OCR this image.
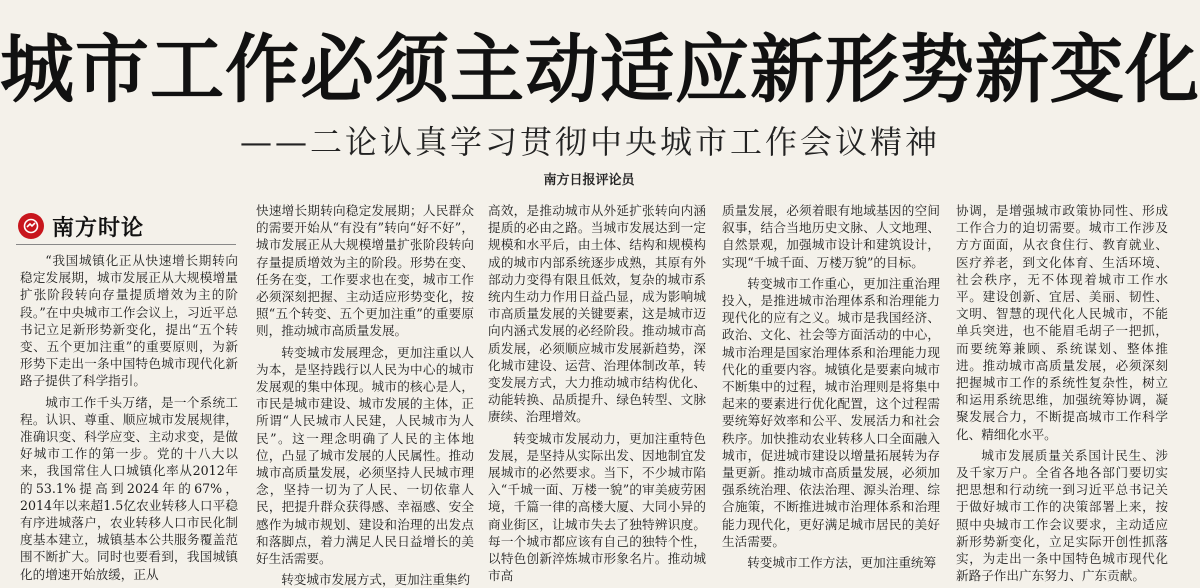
城市工作必须主动适应新形势新变化
——二论认真学习贯彻中央城市工作会议精神
南方日报评论员
南方时论

“我国城镇化正从快速增长期转向稳定发展期，城市发展正从大规模增量扩张阶段转向存量提质增效为主的阶段。”在中央城市工作会议上，习近平总书记立足新形势新变化，提出“五个转变、五个更加注重”的重要原则，为新形势下走出一条中国特色城市现代化新路子提供了科学指引。

城市工作千头万绪，是一个系统工程。认识、尊重、顺应城市发展规律，准确识变、科学应变、主动求变，是做好城市工作的第一步。党的十八大以来，我国常住人口城镇化率从2012年的53.1%提高到2024年的67%，2014年以来超1.5亿农业转移人口平稳有序进城落户，农业转移人口市民化制度基本建立，城镇基本公共服务覆盖范围不断扩大。同时也要看到，我国城镇化的增速开始放缓，正从

快速增长期转向稳定发展期；人民群众的需要开始从“有没有”转向“好不好”，城市发展正从大规模增量扩张阶段转向存量提质增效为主的阶段。形势在变、任务在变，工作要求也在变，城市工作必须深刻把握、主动适应形势变化，按照“五个转变、五个更加注重”的重要原则，推动城市高质量发展。

转变城市发展理念，更加注重以人为本，是坚持践行以人民为中心的城市发展观的集中体现。城市的核心是人，市民是城市建设、城市发展的主体，正所谓“人民城市人民建，人民城市为人民”。这一理念明确了人民的主体地位，凸显了城市发展的人民属性。推动城市高质量发展，必须坚持人民城市理念，坚持一切为了人民、一切依靠人民，把提升群众获得感、幸福感、安全感作为城市规划、建设和治理的出发点和落脚点，着力满足人民日益增长的美好生活需要。

转变城市发展方式，更加注重集约

高效，是推动城市从外延扩张转向内涵提质的必由之路。当城市发展达到一定规模和水平后，由土体、结构和规模构成的城市内部系统逐步成熟，其原有外部动力变得有限且低效，复杂的城市系统内生动力作用日益凸显，成为影响城市高质量发展的关键要素，这是城市迈向内涵式发展的必经阶段。推动城市高质发展，必须顺应城市发展新趋势，深化城市建设、运营、治理体制改革，转变发展方式，大力推动城市结构优化、动能转换、品质提升、绿色转型、文脉赓续、治理增效。

转变城市发展动力，更加注重特色发展，是坚持从实际出发、因地制宜发展城市的必然要求。当下，不少城市陷入“千城一面、万楼一貌”的审美疲劳困境，千篇一律的高楼大厦、大同小异的商业街区，让城市失去了独特辨识度。每一个城市都应该有自己的独特个性，以特色创新淬炼城市形象名片。推动城市高

质量发展，必须着眼有地域基因的空间叙事，结合当地历史文脉、人文地理、自然景观，加强城市设计和建筑设计，实现“千城千面、万楼万貌”的目标。

转变城市工作重心，更加注重治理投入，是推进城市治理体系和治理能力现代化的应有之义。城市是我国经济、政治、文化、社会等方面活动的中心，城市治理是国家治理体系和治理能力现代化的重要内容。城镇化是要素向城市不断集中的过程，城市治理则是将集中起来的要素进行优化配置，这个过程需要统筹好效率和公平、发展活力和社会秩序。加快推动农业转移人口全面融入城市，促进城市建设以增量拓展转为存量更新。推动城市高质量发展，必须加强系统治理、依法治理、源头治理、综合施策，不断推进城市治理体系和治理能力现代化，更好满足城市居民的美好生活需要。

转变城市工作方法，更加注重统筹

协调，是增强城市政策协同性、形成工作合力的迫切需要。城市工作涉及方方面面，从衣食住行、教育就业、医疗养老，到文化体育、生活环境、社会秩序，无不体现着城市工作水平。建设创新、宜居、美丽、韧性、文明、智慧的现代化人民城市，不能单兵突进，也不能眉毛胡子一把抓，而要统筹兼顾、系统谋划、整体推进。推动城市高质量发展，必须深刻把握城市工作的系统性复杂性，树立和运用系统思维，加强统筹协调，凝聚发展合力，不断提高城市工作科学化、精细化水平。

城市发展质量关系国计民生、涉及千家万户。全省各地各部门要切实把思想和行动统一到习近平总书记关于做好城市工作的决策部署上来，按照中央城市工作会议要求，主动适应新形势新变化，立足实际开创性抓落实，为走出一条中国特色城市现代化新路子作出广东努力、广东贡献。
